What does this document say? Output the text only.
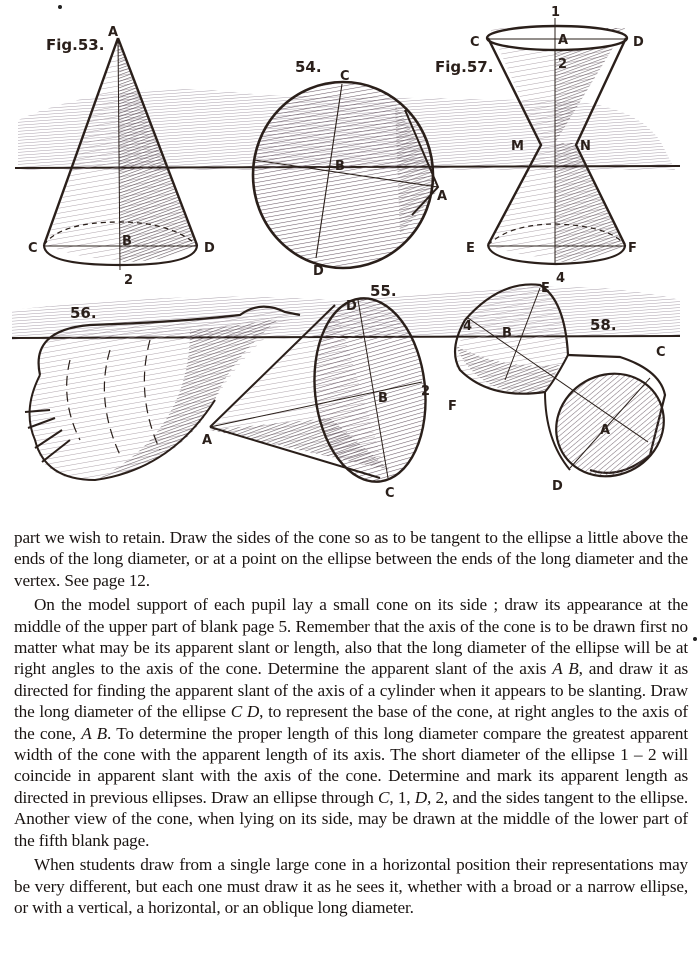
Fig.53.
A
C	B	D
2
54.
C
B
A
D
Fig.57.
1
C	A	D
2
M	N
E	F
56.
55.
D
B	2
A
C
58.
E
4
4 B
F
C
A
D

part we wish to retain. Draw the sides of the cone so as to be tangent to the ellipse a little above the ends of the long diameter, or at a point on the ellipse between the ends of the long diameter and the vertex. See page 12.

On the model support of each pupil lay a small cone on its side ; draw its appearance at the middle of the upper part of blank page 5. Remember that the axis of the cone is to be drawn first no matter what may be its apparent slant or length, also that the long diameter of the ellipse will be at right angles to the axis of the cone. Determine the apparent slant of the axis A B, and draw it as directed for finding the apparent slant of the axis of a cylinder when it appears to be slanting. Draw the long diameter of the ellipse C D, to represent the base of the cone, at right angles to the axis of the cone, A B. To determine the proper length of this long diameter compare the greatest apparent width of the cone with the apparent length of its axis. The short diameter of the ellipse 1 – 2 will coincide in apparent slant with the axis of the cone. Determine and mark its apparent length as directed in previous ellipses. Draw an ellipse through C, 1, D, 2, and the sides tangent to the ellipse. Another view of the cone, when lying on its side, may be drawn at the middle of the lower part of the fifth blank page.

When students draw from a single large cone in a horizontal position their representations may be very different, but each one must draw it as he sees it, whether with a broad or a narrow ellipse, or with a vertical, a horizontal, or an oblique long diameter.
